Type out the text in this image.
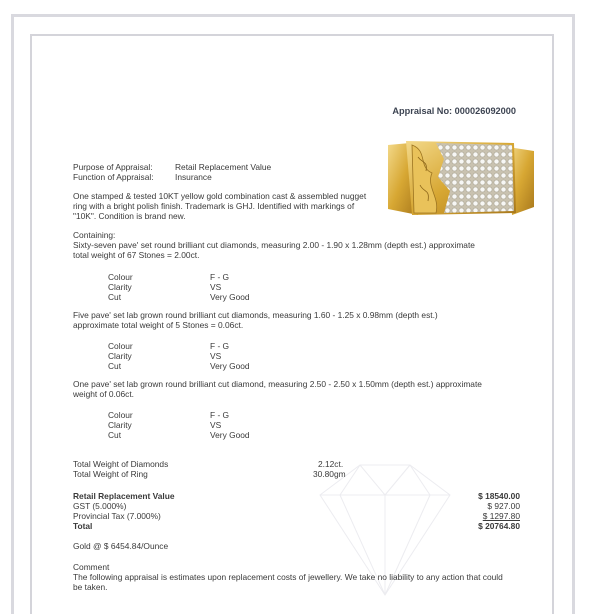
Appraisal No: 000026092000
Purpose of Appraisal:	Retail Replacement Value
Function of Appraisal:	Insurance
One stamped & tested 10KT yellow gold combination cast & assembled nugget
ring with a bright polish finish. Trademark is GHJ. Identified with markings of
"10K". Condition is brand new.
Containing:
Sixty-seven pave' set round brilliant cut diamonds, measuring 2.00 - 1.90 x 1.28mm (depth est.) approximate
total weight of 67 Stones = 2.00ct.
Colour	F - G
Clarity	VS
Cut	Very Good
Five pave' set lab grown round brilliant cut diamonds, measuring 1.60 - 1.25 x 0.98mm (depth est.)
approximate total weight of 5 Stones = 0.06ct.
Colour	F - G
Clarity	VS
Cut	Very Good
One pave' set lab grown round brilliant cut diamond, measuring 2.50 - 2.50 x 1.50mm (depth est.) approximate
weight of 0.06ct.
Colour	F - G
Clarity	VS
Cut	Very Good
Total Weight of Diamonds	2.12ct.
Total Weight of Ring	30.80gm
Retail Replacement Value	$ 18540.00
GST (5.000%)	$ 927.00
Provincial Tax (7.000%)	$ 1297.80
Total	$ 20764.80
Gold @ $ 6454.84/Ounce
Comment
The following appraisal is estimates upon replacement costs of jewellery. We take no liability to any action that could
be taken.
